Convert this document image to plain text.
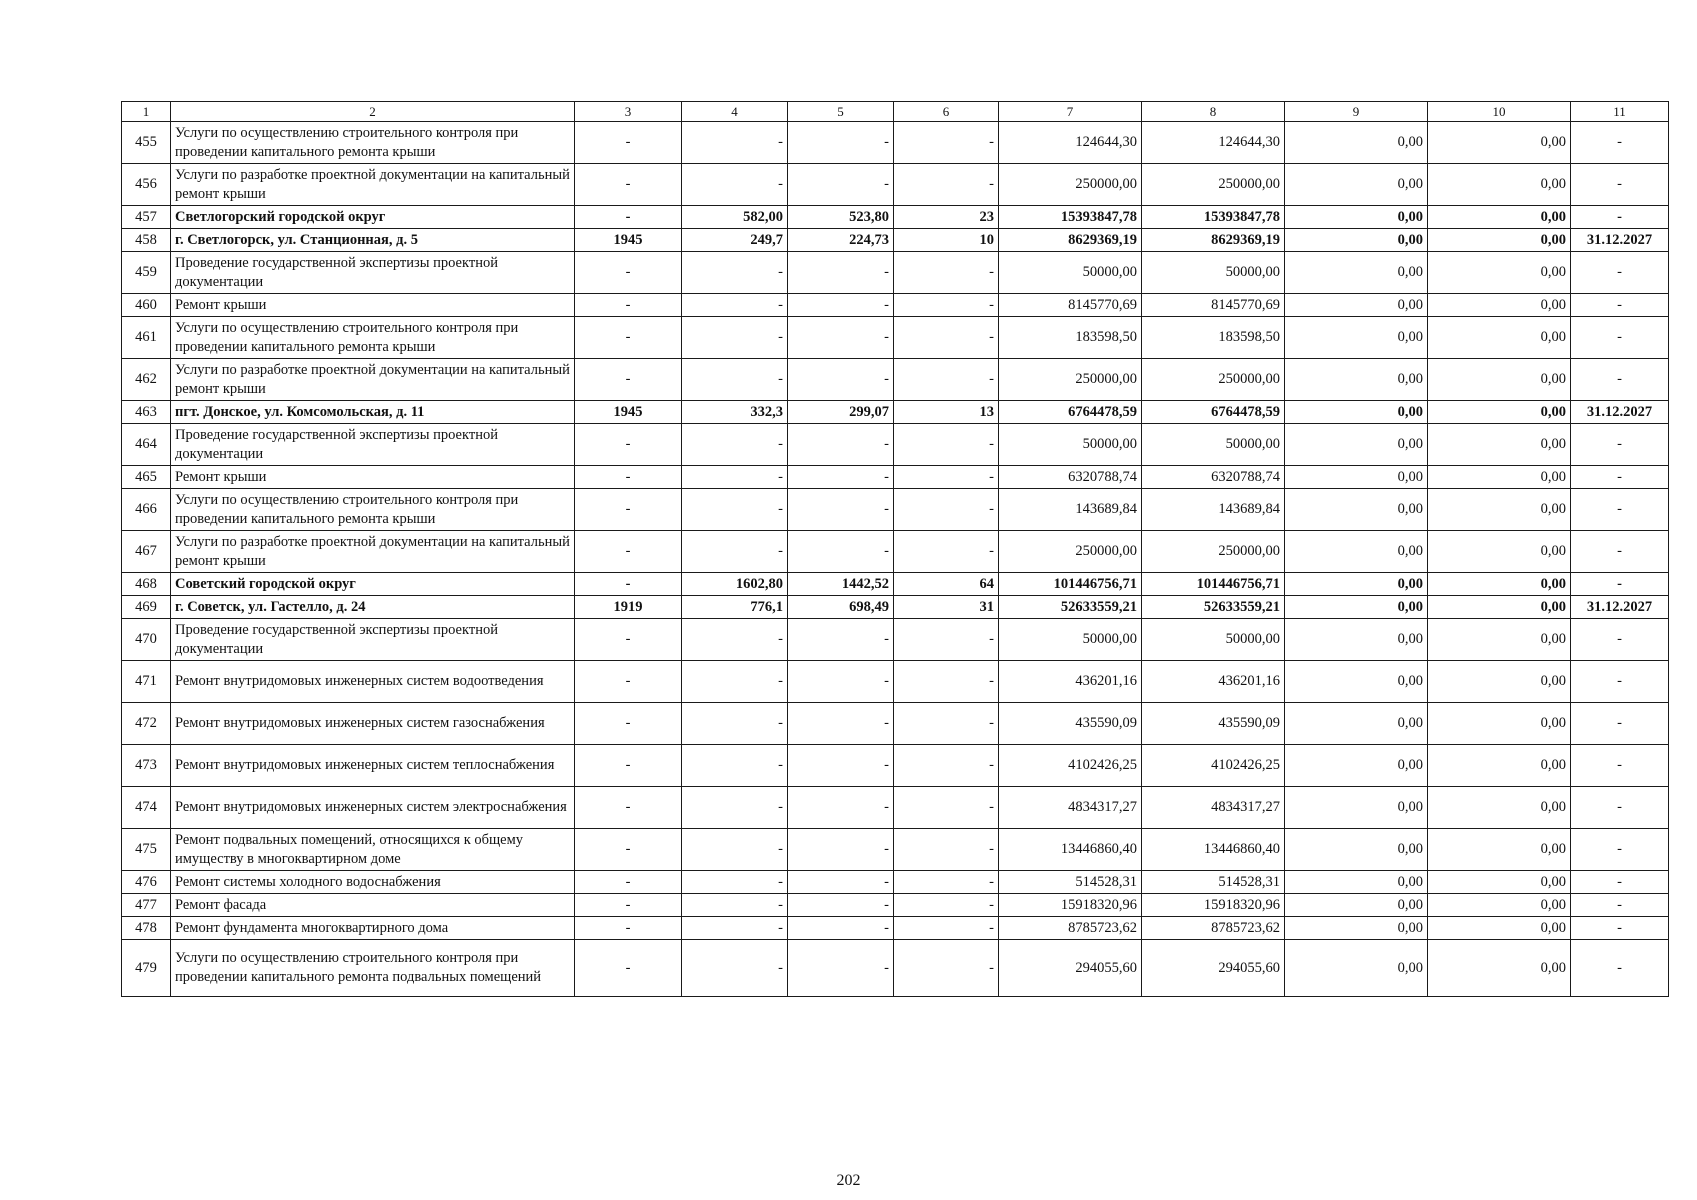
1	2	3	4	5	6	7	8	9	10	11
455	Услуги по осуществлению строительного контроля при проведении капитального ремонта крыши	-	-	-	-	124644,30	124644,30	0,00	0,00	-
456	Услуги по разработке проектной документации на капитальный ремонт крыши	-	-	-	-	250000,00	250000,00	0,00	0,00	-
457	Светлогорский городской округ	-	582,00	523,80	23	15393847,78	15393847,78	0,00	0,00	-
458	г. Светлогорск, ул. Станционная, д. 5	1945	249,7	224,73	10	8629369,19	8629369,19	0,00	0,00	31.12.2027
459	Проведение государственной экспертизы проектной документации	-	-	-	-	50000,00	50000,00	0,00	0,00	-
460	Ремонт крыши	-	-	-	-	8145770,69	8145770,69	0,00	0,00	-
461	Услуги по осуществлению строительного контроля при проведении капитального ремонта крыши	-	-	-	-	183598,50	183598,50	0,00	0,00	-
462	Услуги по разработке проектной документации на капитальный ремонт крыши	-	-	-	-	250000,00	250000,00	0,00	0,00	-
463	пгт. Донское, ул. Комсомольская, д. 11	1945	332,3	299,07	13	6764478,59	6764478,59	0,00	0,00	31.12.2027
464	Проведение государственной экспертизы проектной документации	-	-	-	-	50000,00	50000,00	0,00	0,00	-
465	Ремонт крыши	-	-	-	-	6320788,74	6320788,74	0,00	0,00	-
466	Услуги по осуществлению строительного контроля при проведении капитального ремонта крыши	-	-	-	-	143689,84	143689,84	0,00	0,00	-
467	Услуги по разработке проектной документации на капитальный ремонт крыши	-	-	-	-	250000,00	250000,00	0,00	0,00	-
468	Советский городской округ	-	1602,80	1442,52	64	101446756,71	101446756,71	0,00	0,00	-
469	г. Советск, ул. Гастелло, д. 24	1919	776,1	698,49	31	52633559,21	52633559,21	0,00	0,00	31.12.2027
470	Проведение государственной экспертизы проектной документации	-	-	-	-	50000,00	50000,00	0,00	0,00	-
471	Ремонт внутридомовых инженерных систем водоотведения	-	-	-	-	436201,16	436201,16	0,00	0,00	-
472	Ремонт внутридомовых инженерных систем газоснабжения	-	-	-	-	435590,09	435590,09	0,00	0,00	-
473	Ремонт внутридомовых инженерных систем теплоснабжения	-	-	-	-	4102426,25	4102426,25	0,00	0,00	-
474	Ремонт внутридомовых инженерных систем электроснабжения	-	-	-	-	4834317,27	4834317,27	0,00	0,00	-
475	Ремонт подвальных помещений, относящихся к общему имуществу в многоквартирном доме	-	-	-	-	13446860,40	13446860,40	0,00	0,00	-
476	Ремонт системы холодного водоснабжения	-	-	-	-	514528,31	514528,31	0,00	0,00	-
477	Ремонт фасада	-	-	-	-	15918320,96	15918320,96	0,00	0,00	-
478	Ремонт фундамента многоквартирного дома	-	-	-	-	8785723,62	8785723,62	0,00	0,00	-
479	Услуги по осуществлению строительного контроля при проведении капитального ремонта подвальных помещений	-	-	-	-	294055,60	294055,60	0,00	0,00	-
202
